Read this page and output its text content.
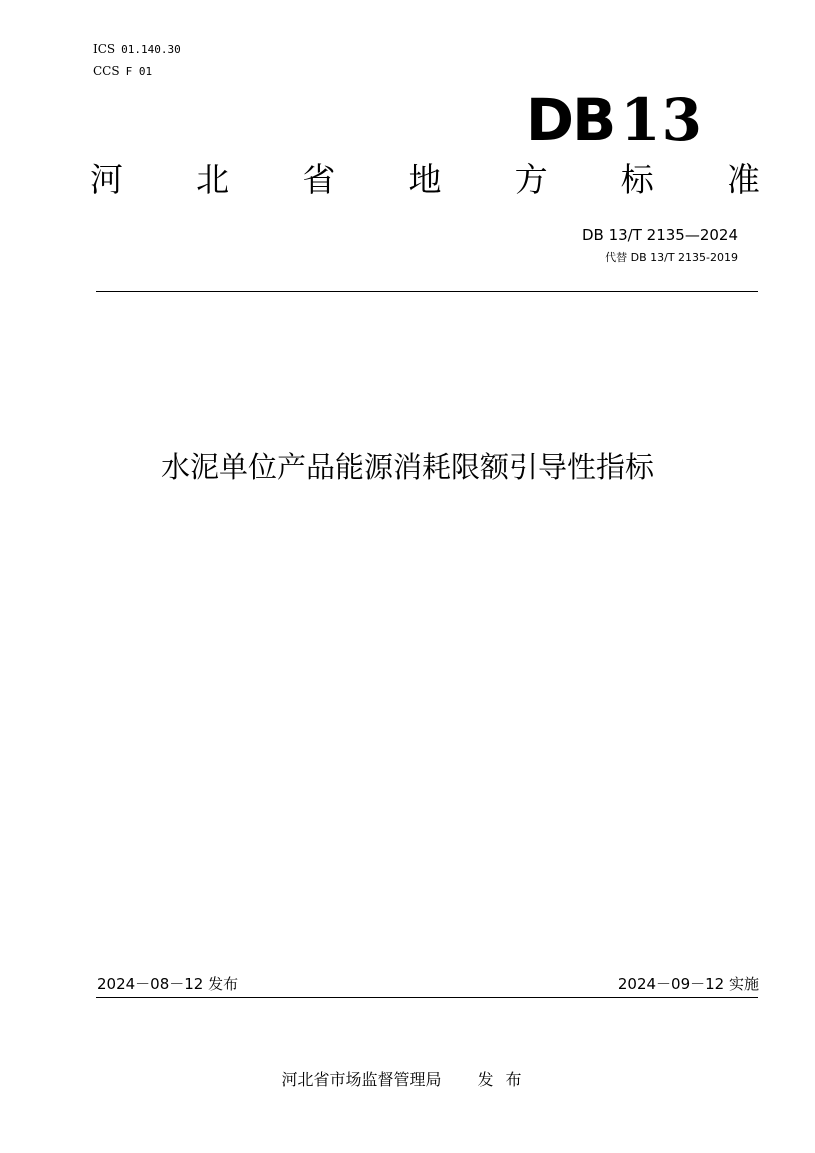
ICS 01.140.30
CCS F 01
DB 13
河 北 省 地 方 标 准
DB 13/T 2135—2024
代替 DB 13/T 2135-2019
水泥单位产品能源消耗限额引导性指标
2024－08－12 发布	2024－09－12 实施
河北省市场监督管理局 发布
